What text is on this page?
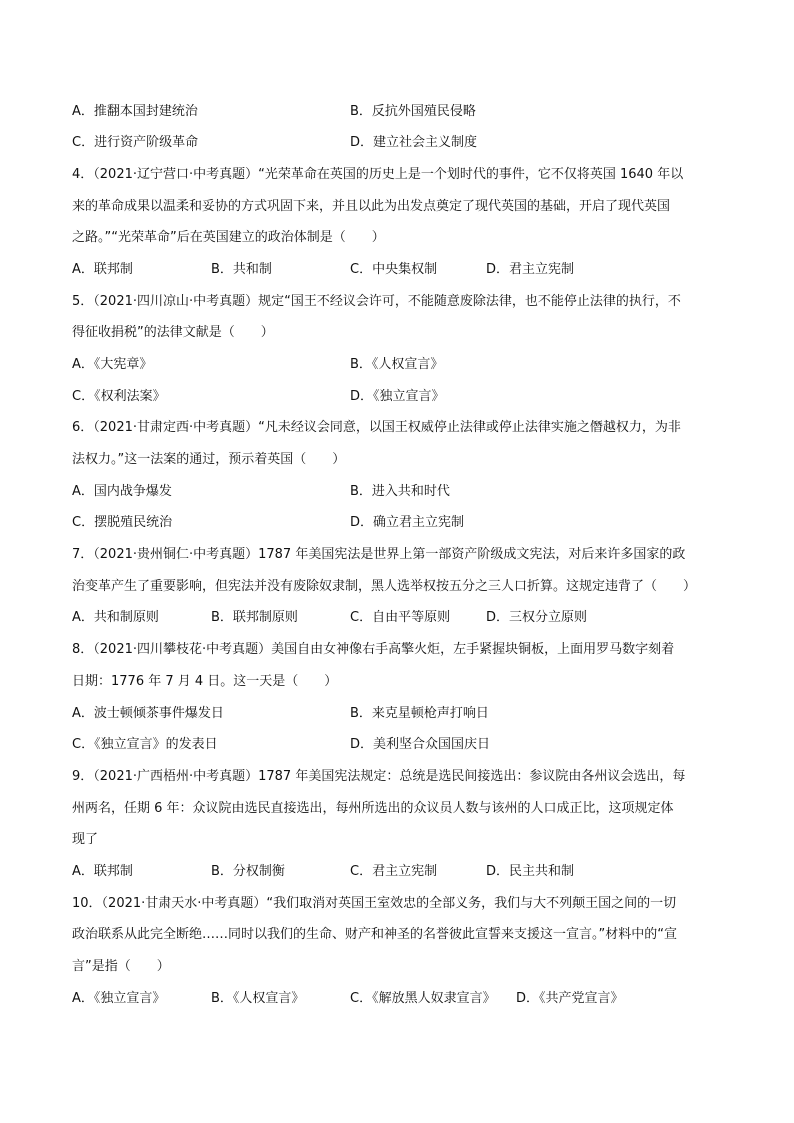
A．推翻本国封建统治	B．反抗外国殖民侵略
C．进行资产阶级革命	D．建立社会主义制度
4．（2021·辽宁营口·中考真题）“光荣革命在英国的历史上是一个划时代的事件，它不仅将英国 1640 年以
来的革命成果以温柔和妥协的方式巩固下来，并且以此为出发点奠定了现代英国的基础，开启了现代英国
之路。”“光荣革命”后在英国建立的政治体制是（　　）
A．联邦制	B．共和制	C．中央集权制	D．君主立宪制
5．（2021·四川凉山·中考真题）规定“国王不经议会许可，不能随意废除法律，也不能停止法律的执行，不
得征收捐税”的法律文献是（　　）
A．《大宪章》	B．《人权宣言》
C．《权利法案》	D．《独立宣言》
6．（2021·甘肃定西·中考真题）“凡未经议会同意，以国王权威停止法律或停止法律实施之僭越权力，为非
法权力。”这一法案的通过，预示着英国（　　）
A．国内战争爆发	B．进入共和时代
C．摆脱殖民统治	D．确立君主立宪制
7．（2021·贵州铜仁·中考真题）1787 年美国宪法是世界上第一部资产阶级成文宪法，对后来许多国家的政
治变革产生了重要影响，但宪法并没有废除奴隶制，黑人选举权按五分之三人口折算。这规定违背了（　　）
A．共和制原则	B．联邦制原则	C．自由平等原则	D．三权分立原则
8．（2021·四川攀枝花·中考真题）美国自由女神像右手高擎火炬，左手紧握块铜板，上面用罗马数字刻着
日期：1776 年 7 月 4 日。这一天是（　　）
A．波士顿倾茶事件爆发日	B．来克星顿枪声打响日
C．《独立宣言》的发表日	D．美利坚合众国国庆日
9．（2021·广西梧州·中考真题）1787 年美国宪法规定：总统是选民间接选出：参议院由各州议会选出，每
州两名，任期 6 年：众议院由选民直接选出，每州所选出的众议员人数与该州的人口成正比，这项规定体
现了
A．联邦制	B．分权制衡	C．君主立宪制	D．民主共和制
10．（2021·甘肃天水·中考真题）“我们取消对英国王室效忠的全部义务，我们与大不列颠王国之间的一切
政治联系从此完全断绝……同时以我们的生命、财产和神圣的名誉彼此宣誓来支援这一宣言。”材料中的“宣
言”是指（　　）
A．《独立宣言》	B．《人权宣言》	C．《解放黑人奴隶宣言》 D．《共产党宣言》
